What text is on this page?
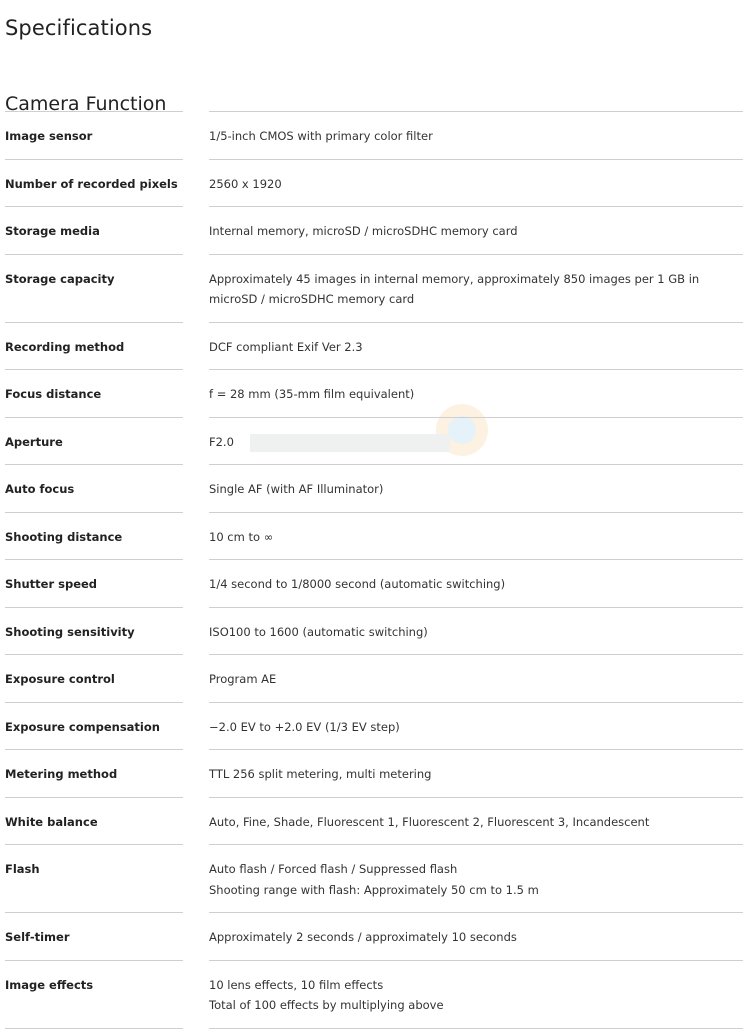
Specifications
Camera Function
Image sensor	1/5-inch CMOS with primary color filter
Number of recorded pixels	2560 x 1920
Storage media	Internal memory, microSD / microSDHC memory card
Storage capacity	Approximately 45 images in internal memory, approximately 850 images per 1 GB in microSD / microSDHC memory card
Recording method	DCF compliant Exif Ver 2.3
Focus distance	f = 28 mm (35-mm film equivalent)
Aperture	F2.0
Auto focus	Single AF (with AF Illuminator)
Shooting distance	10 cm to ∞
Shutter speed	1/4 second to 1/8000 second (automatic switching)
Shooting sensitivity	ISO100 to 1600 (automatic switching)
Exposure control	Program AE
Exposure compensation	−2.0 EV to +2.0 EV (1/3 EV step)
Metering method	TTL 256 split metering, multi metering
White balance	Auto, Fine, Shade, Fluorescent 1, Fluorescent 2, Fluorescent 3, Incandescent
Flash	Auto flash / Forced flash / Suppressed flash
Shooting range with flash: Approximately 50 cm to 1.5 m
Self-timer	Approximately 2 seconds / approximately 10 seconds
Image effects	10 lens effects, 10 film effects
Total of 100 effects by multiplying above
